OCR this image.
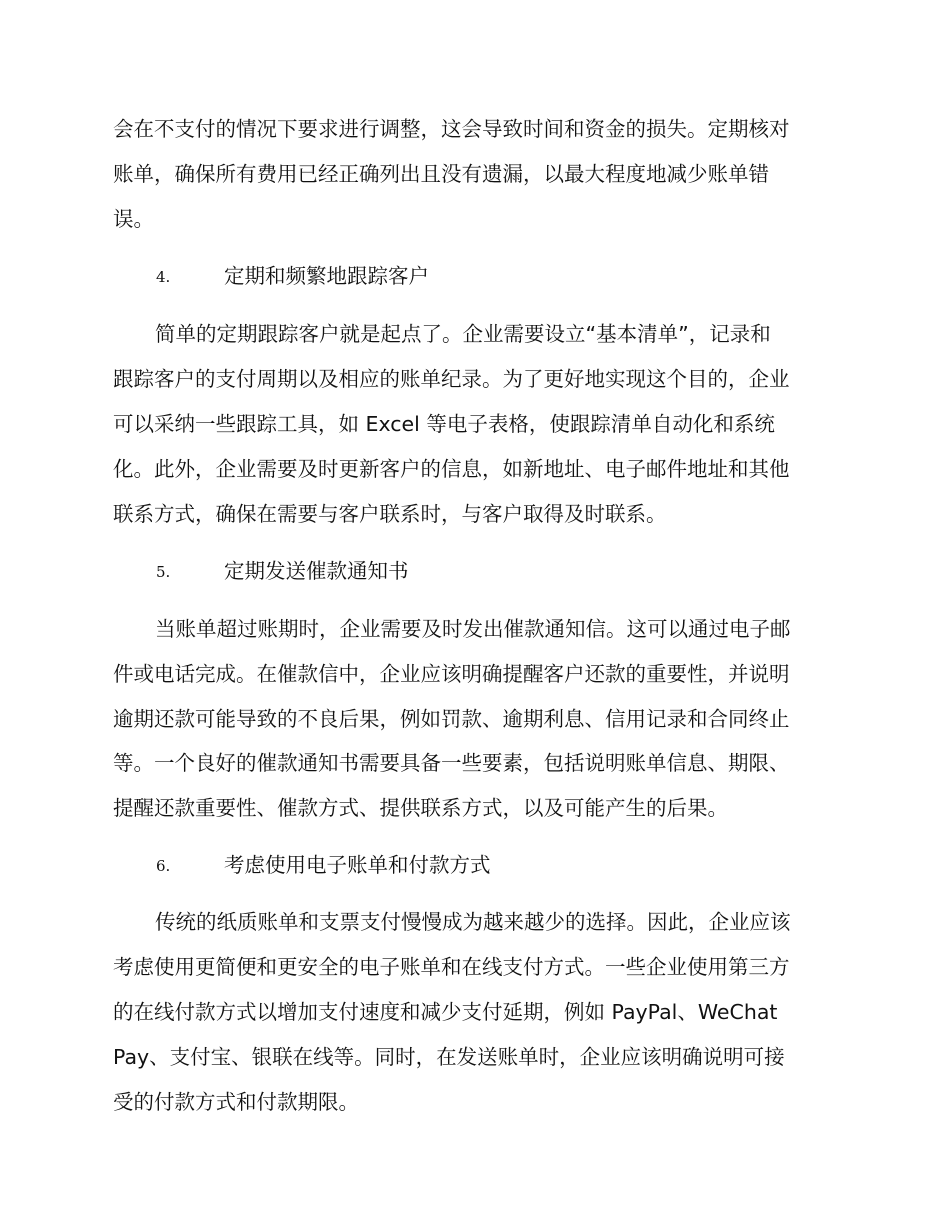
会在不支付的情况下要求进行调整，这会导致时间和资金的损失。定期核对

账单，确保所有费用已经正确列出且没有遗漏，以最大程度地减少账单错

误。

4.	定期和频繁地跟踪客户

简单的定期跟踪客户就是起点了。企业需要设立“基本清单”，记录和

跟踪客户的支付周期以及相应的账单纪录。为了更好地实现这个目的，企业

可以采纳一些跟踪工具，如 Excel 等电子表格，使跟踪清单自动化和系统

化。此外，企业需要及时更新客户的信息，如新地址、电子邮件地址和其他

联系方式，确保在需要与客户联系时，与客户取得及时联系。

5.	定期发送催款通知书

当账单超过账期时，企业需要及时发出催款通知信。这可以通过电子邮

件或电话完成。在催款信中，企业应该明确提醒客户还款的重要性，并说明

逾期还款可能导致的不良后果，例如罚款、逾期利息、信用记录和合同终止

等。一个良好的催款通知书需要具备一些要素，包括说明账单信息、期限、

提醒还款重要性、催款方式、提供联系方式，以及可能产生的后果。

6.	考虑使用电子账单和付款方式

传统的纸质账单和支票支付慢慢成为越来越少的选择。因此，企业应该

考虑使用更简便和更安全的电子账单和在线支付方式。一些企业使用第三方

的在线付款方式以增加支付速度和减少支付延期，例如 PayPal、WeChat

Pay、支付宝、银联在线等。同时，在发送账单时，企业应该明确说明可接

受的付款方式和付款期限。
